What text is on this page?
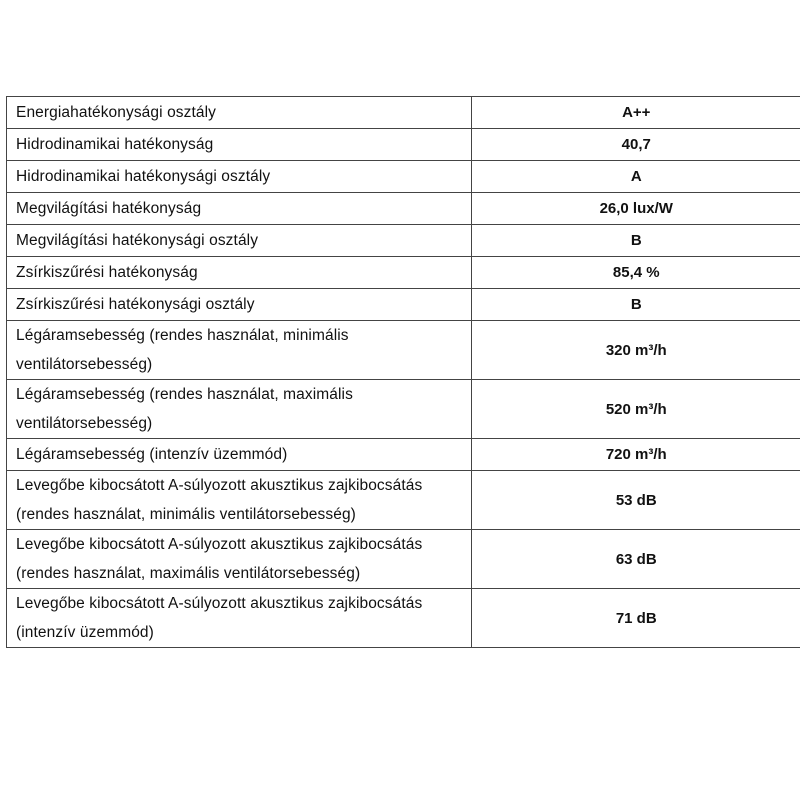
Energiahatékonysági osztály	A++
Hidrodinamikai hatékonyság	40,7
Hidrodinamikai hatékonysági osztály	A
Megvilágítási hatékonyság	26,0 lux/W
Megvilágítási hatékonysági osztály	B
Zsírkiszűrési hatékonyság	85,4 %
Zsírkiszűrési hatékonysági osztály	B
Légáramsebesség (rendes használat, minimális ventilátorsebesség)	320 m³/h
Légáramsebesség (rendes használat, maximális ventilátorsebesség)	520 m³/h
Légáramsebesség (intenzív üzemmód)	720 m³/h
Levegőbe kibocsátott A-súlyozott akusztikus zajkibocsátás (rendes használat, minimális ventilátorsebesség)	53 dB
Levegőbe kibocsátott A-súlyozott akusztikus zajkibocsátás (rendes használat, maximális ventilátorsebesség)	63 dB
Levegőbe kibocsátott A-súlyozott akusztikus zajkibocsátás (intenzív üzemmód)	71 dB
